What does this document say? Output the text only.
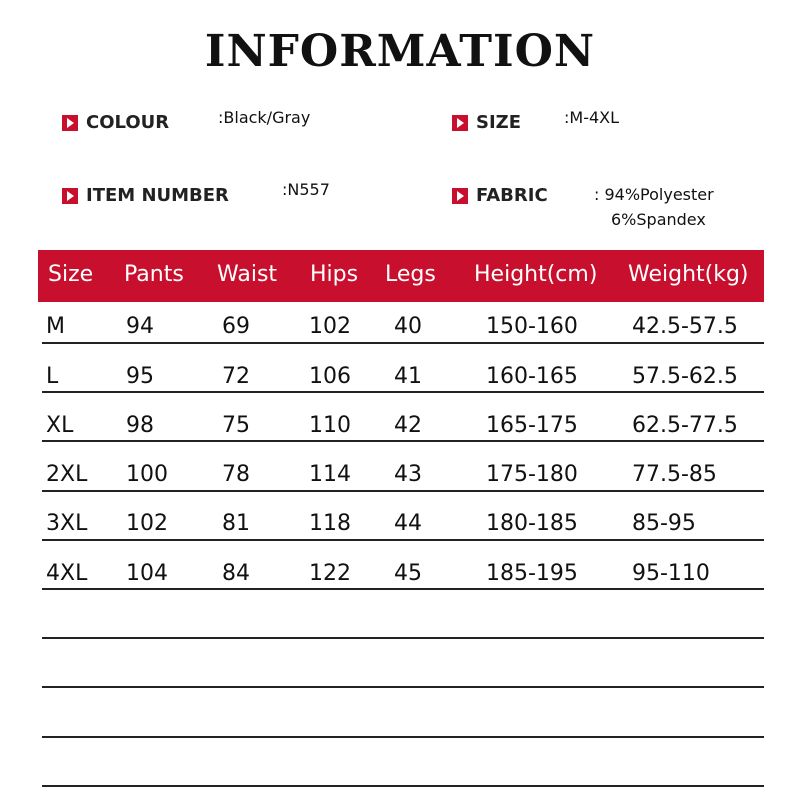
INFORMATION
COLOUR	:Black/Gray	SIZE	:M-4XL
ITEM NUMBER	:N557	FABRIC	: 94%Polyester
6%Spandex
Size Pants Waist Hips Legs Height(cm) Weight(kg)
M	94	69	102 40	150-160 42.5-57.5
L	95	72	106 41	160-165 57.5-62.5
XL 98	75	110 42	165-175 62.5-77.5
2XL 100 78	114 43	175-180 77.5-85
3XL 102 81	118 44	180-185 85-95
4XL 104 84	122 45	185-195 95-110
